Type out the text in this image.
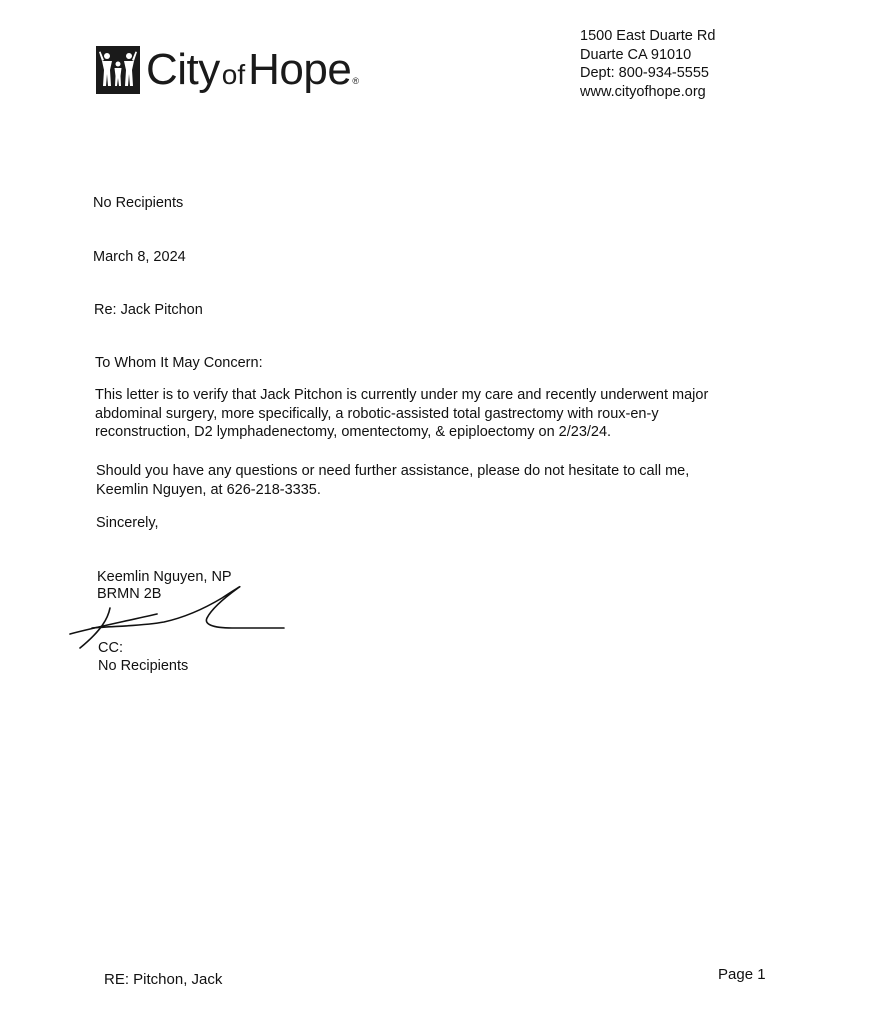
City of Hope ®
1500 East Duarte Rd
Duarte CA 91010
Dept: 800-934-5555
www.cityofhope.org
No Recipients
March 8, 2024
Re: Jack Pitchon
To Whom It May Concern:
This letter is to verify that Jack Pitchon is currently under my care and recently underwent major
abdominal surgery, more specifically, a robotic-assisted total gastrectomy with roux-en-y
reconstruction, D2 lymphadenectomy, omentectomy, & epiploectomy on 2/23/24.
Should you have any questions or need further assistance, please do not hesitate to call me,
Keemlin Nguyen, at 626-218-3335.
Sincerely,
Keemlin Nguyen, NP
BRMN 2B
CC:
No Recipients
RE: Pitchon, Jack	Page 1
